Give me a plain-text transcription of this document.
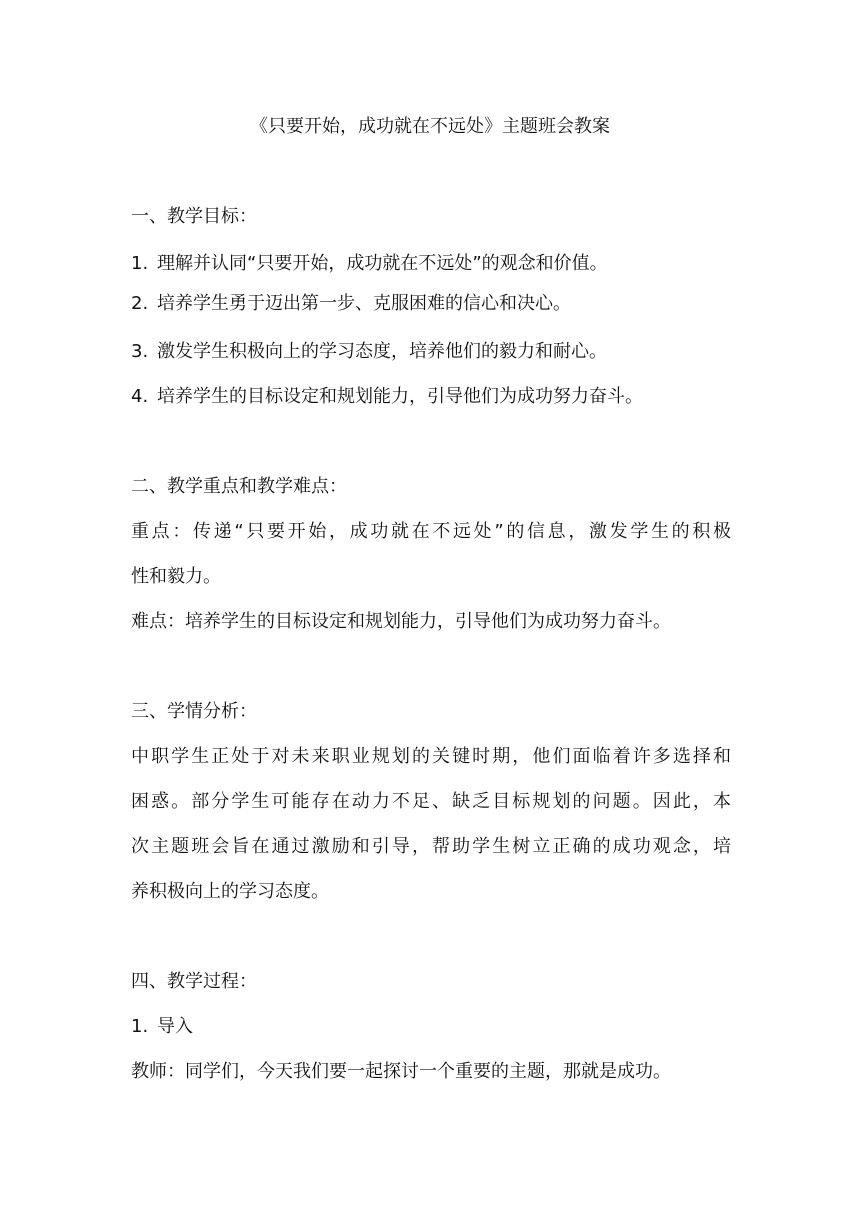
《只要开始，成功就在不远处》主题班会教案
一、教学目标：
1. 理解并认同“只要开始，成功就在不远处”的观念和价值。
2. 培养学生勇于迈出第一步、克服困难的信心和决心。
3. 激发学生积极向上的学习态度，培养他们的毅力和耐心。
4. 培养学生的目标设定和规划能力，引导他们为成功努力奋斗。
二、教学重点和教学难点：
重点：传递“只要开始，成功就在不远处”的信息，激发学生的积极
性和毅力。
难点：培养学生的目标设定和规划能力，引导他们为成功努力奋斗。
三、学情分析：
中职学生正处于对未来职业规划的关键时期，他们面临着许多选择和
困惑。部分学生可能存在动力不足、缺乏目标规划的问题。因此，本
次主题班会旨在通过激励和引导，帮助学生树立正确的成功观念，培
养积极向上的学习态度。
四、教学过程：
1. 导入
教师：同学们，今天我们要一起探讨一个重要的主题，那就是成功。
